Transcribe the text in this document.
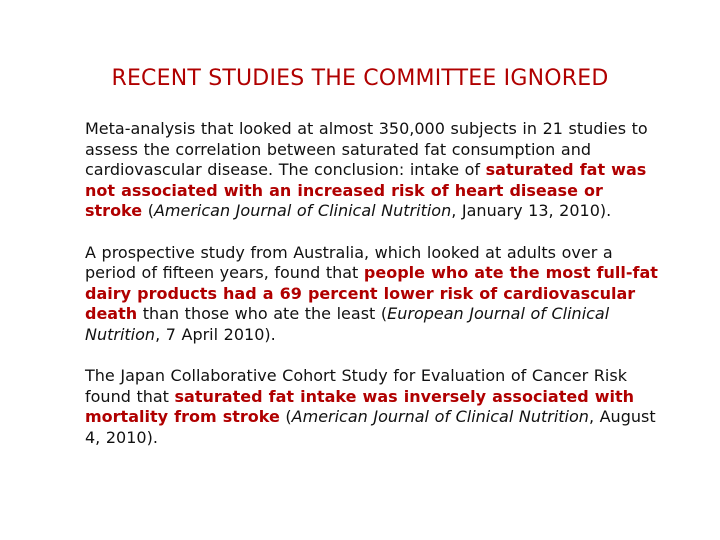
RECENT STUDIES THE COMMITTEE IGNORED

Meta-analysis that looked at almost 350,000 subjects in 21 studies to assess the correlation between saturated fat consumption and cardiovascular disease. The conclusion: intake of saturated fat was not associated with an increased risk of heart disease or stroke (American Journal of Clinical Nutrition, January 13, 2010).

A prospective study from Australia, which looked at adults over a period of fifteen years, found that people who ate the most full-fat dairy products had a 69 percent lower risk of cardiovascular death than those who ate the least (European Journal of Clinical Nutrition, 7 April 2010).

The Japan Collaborative Cohort Study for Evaluation of Cancer Risk found that saturated fat intake was inversely associated with mortality from stroke (American Journal of Clinical Nutrition, August 4, 2010).
